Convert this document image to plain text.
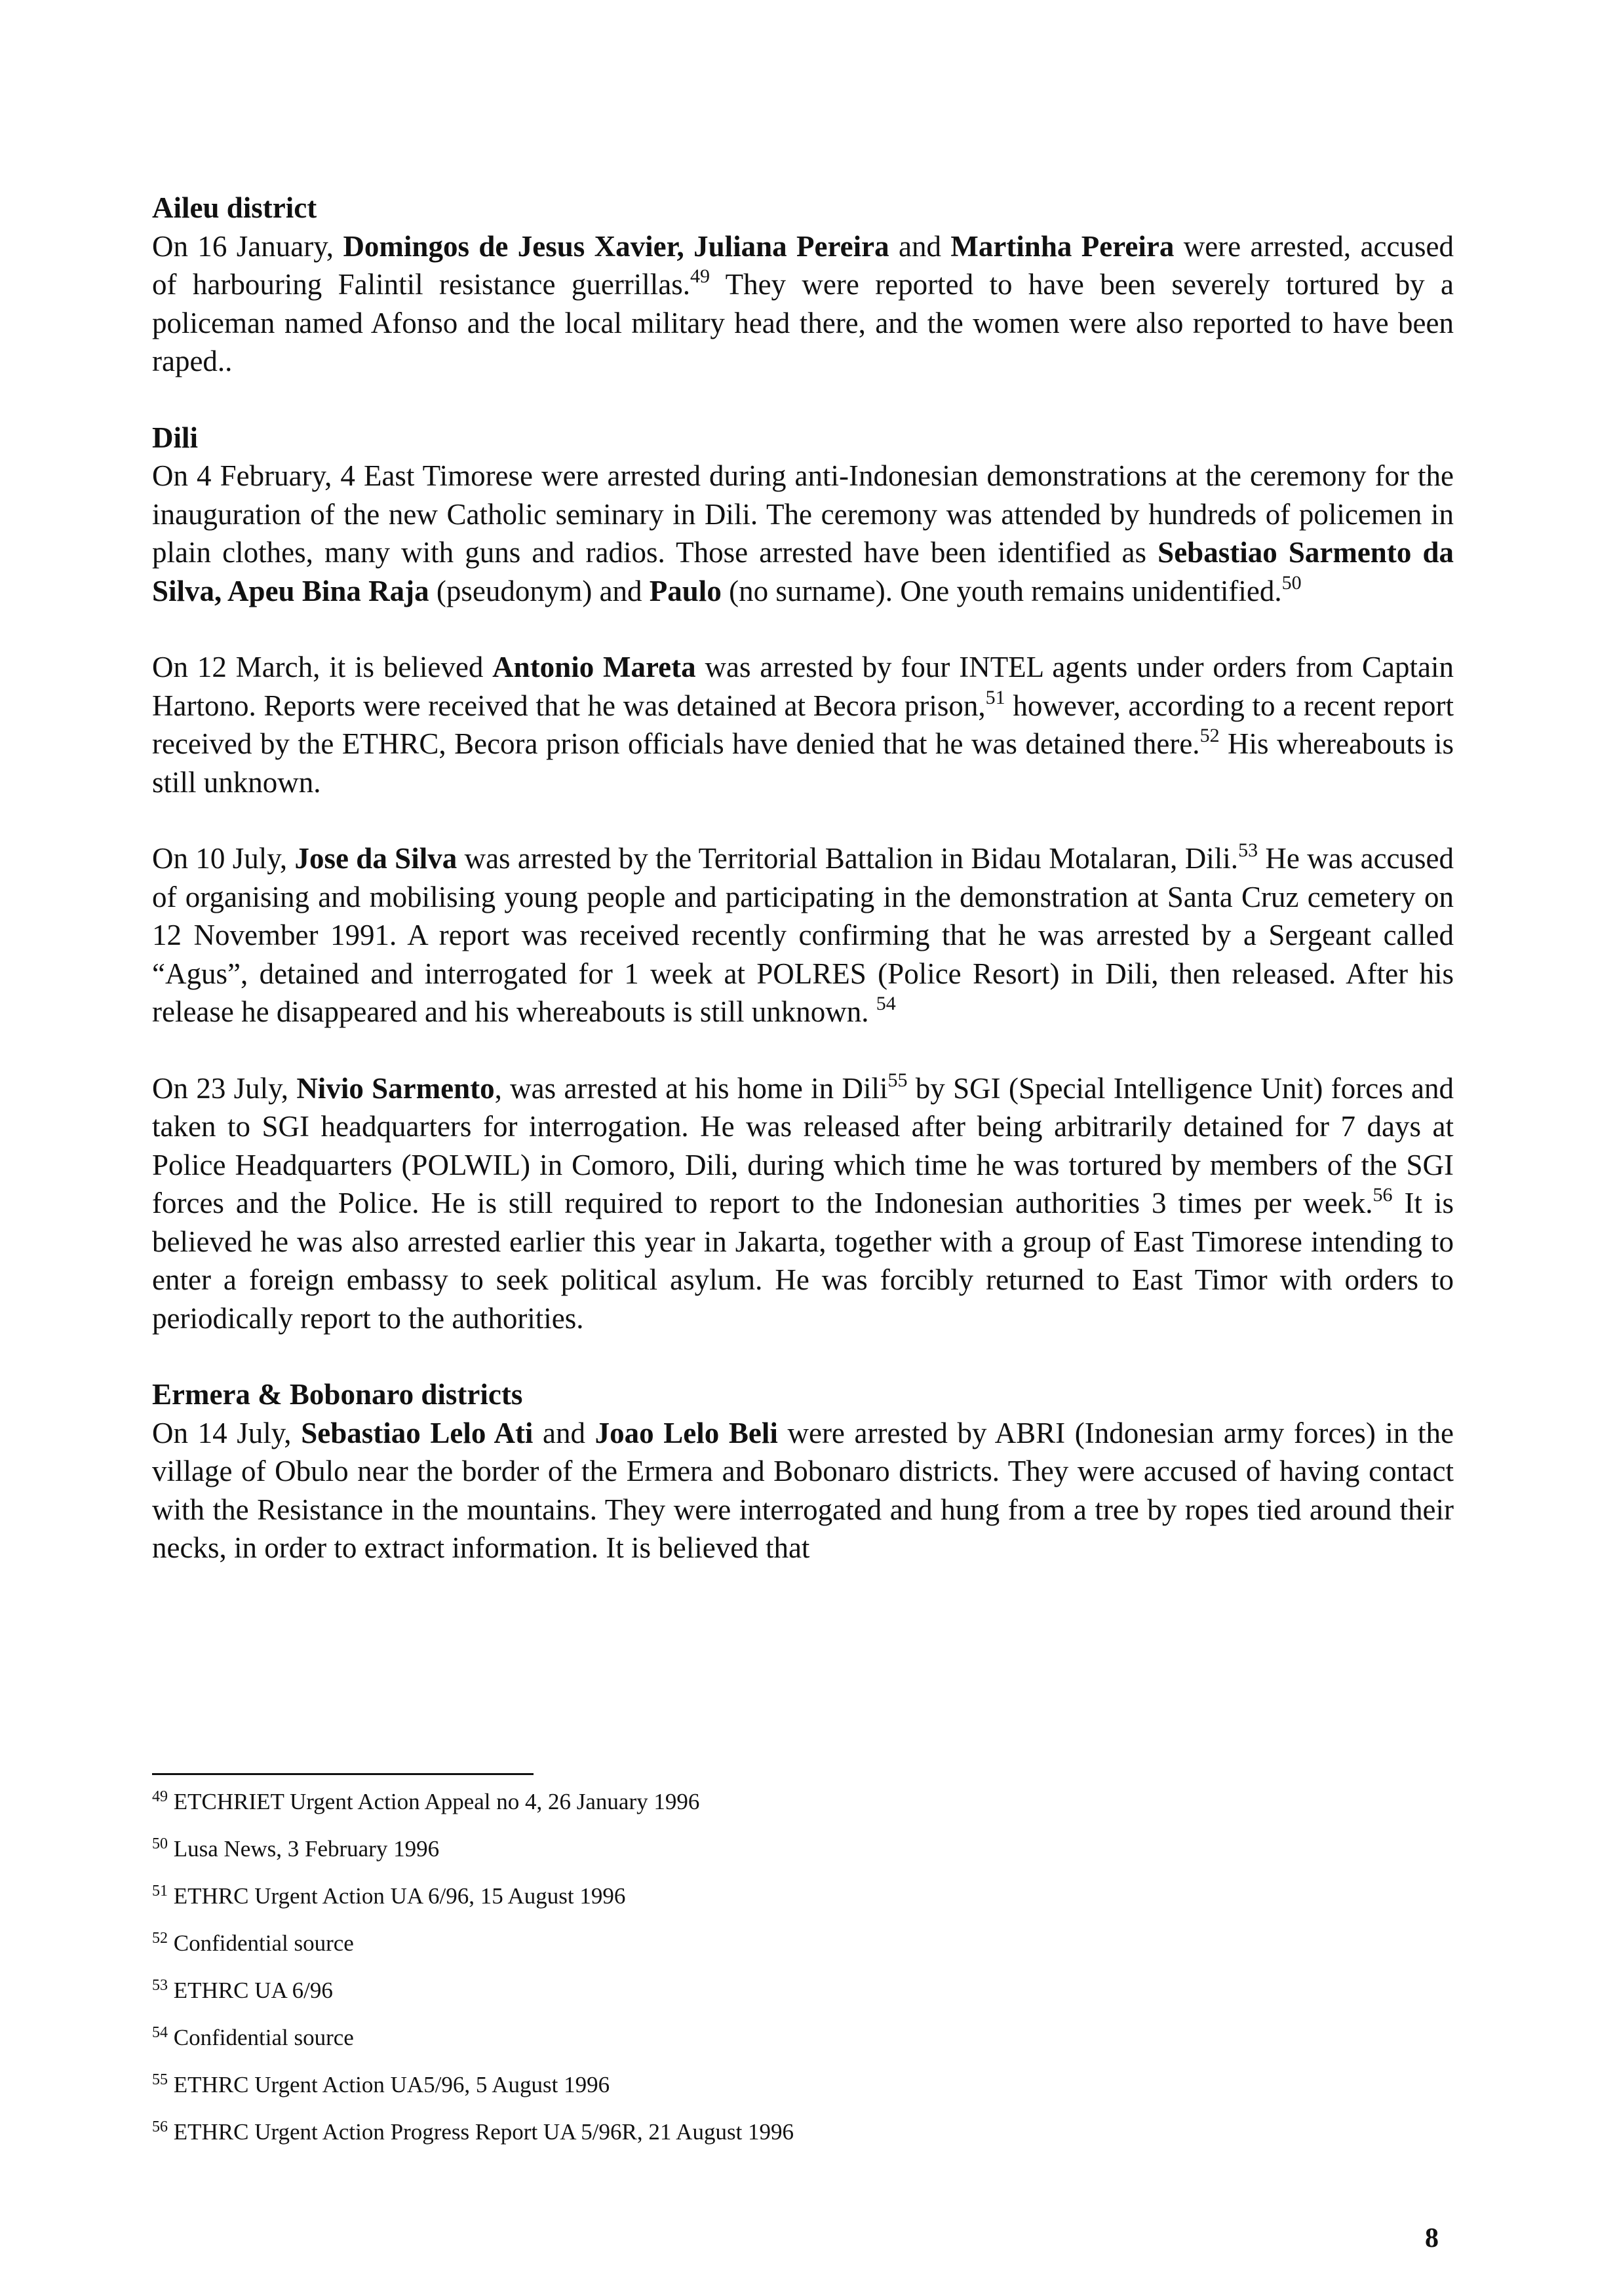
Aileu district

On 16 January, Domingos de Jesus Xavier, Juliana Pereira and Martinha Pereira were arrested, accused of harbouring Falintil resistance guerrillas.$^{49}$ They were reported to have been severely tortured by a policeman named Afonso and the local military head there, and the women were also reported to have been raped..

Dili

On 4 February, 4 East Timorese were arrested during anti-Indonesian demonstrations at the ceremony for the inauguration of the new Catholic seminary in Dili. The ceremony was attended by hundreds of policemen in plain clothes, many with guns and radios. Those arrested have been identified as Sebastiao Sarmento da Silva, Apeu Bina Raja (pseudonym) and Paulo (no surname). One youth remains unidentified.$^{50}$

On 12 March, it is believed Antonio Mareta was arrested by four INTEL agents under orders from Captain Hartono. Reports were received that he was detained at Becora prison,$^{51}$ however, according to a recent report received by the ETHRC, Becora prison officials have denied that he was detained there.$^{52}$ His whereabouts is still unknown.

On 10 July, Jose da Silva was arrested by the Territorial Battalion in Bidau Motalaran, Dili.$^{53}$ He was accused of organising and mobilising young people and participating in the demonstration at Santa Cruz cemetery on 12 November 1991. A report was received recently confirming that he was arrested by a Sergeant called “Agus”, detained and interrogated for 1 week at POLRES (Police Resort) in Dili, then released. After his release he disappeared and his whereabouts is still unknown. $^{54}$

On 23 July, Nivio Sarmento, was arrested at his home in Dili$^{55}$ by SGI (Special Intelligence Unit) forces and taken to SGI headquarters for interrogation. He was released after being arbitrarily detained for 7 days at Police Headquarters (POLWIL) in Comoro, Dili, during which time he was tortured by members of the SGI forces and the Police. He is still required to report to the Indonesian authorities 3 times per week.$^{56}$ It is believed he was also arrested earlier this year in Jakarta, together with a group of East Timorese intending to enter a foreign embassy to seek political asylum. He was forcibly returned to East Timor with orders to periodically report to the authorities.

Ermera & Bobonaro districts

On 14 July, Sebastiao Lelo Ati and Joao Lelo Beli were arrested by ABRI (Indonesian army forces) in the village of Obulo near the border of the Ermera and Bobonaro districts. They were accused of having contact with the Resistance in the mountains. They were interrogated and hung from a tree by ropes tied around their necks, in order to extract information. It is believed that

$^{49}$ ETCHRIET Urgent Action Appeal no 4, 26 January 1996

$^{50}$ Lusa News, 3 February 1996

$^{51}$ ETHRC Urgent Action UA 6/96, 15 August 1996

$^{52}$ Confidential source

$^{53}$ ETHRC UA 6/96

$^{54}$ Confidential source

$^{55}$ ETHRC Urgent Action UA5/96, 5 August 1996

$^{56}$ ETHRC Urgent Action Progress Report UA 5/96R, 21 August 1996

8
